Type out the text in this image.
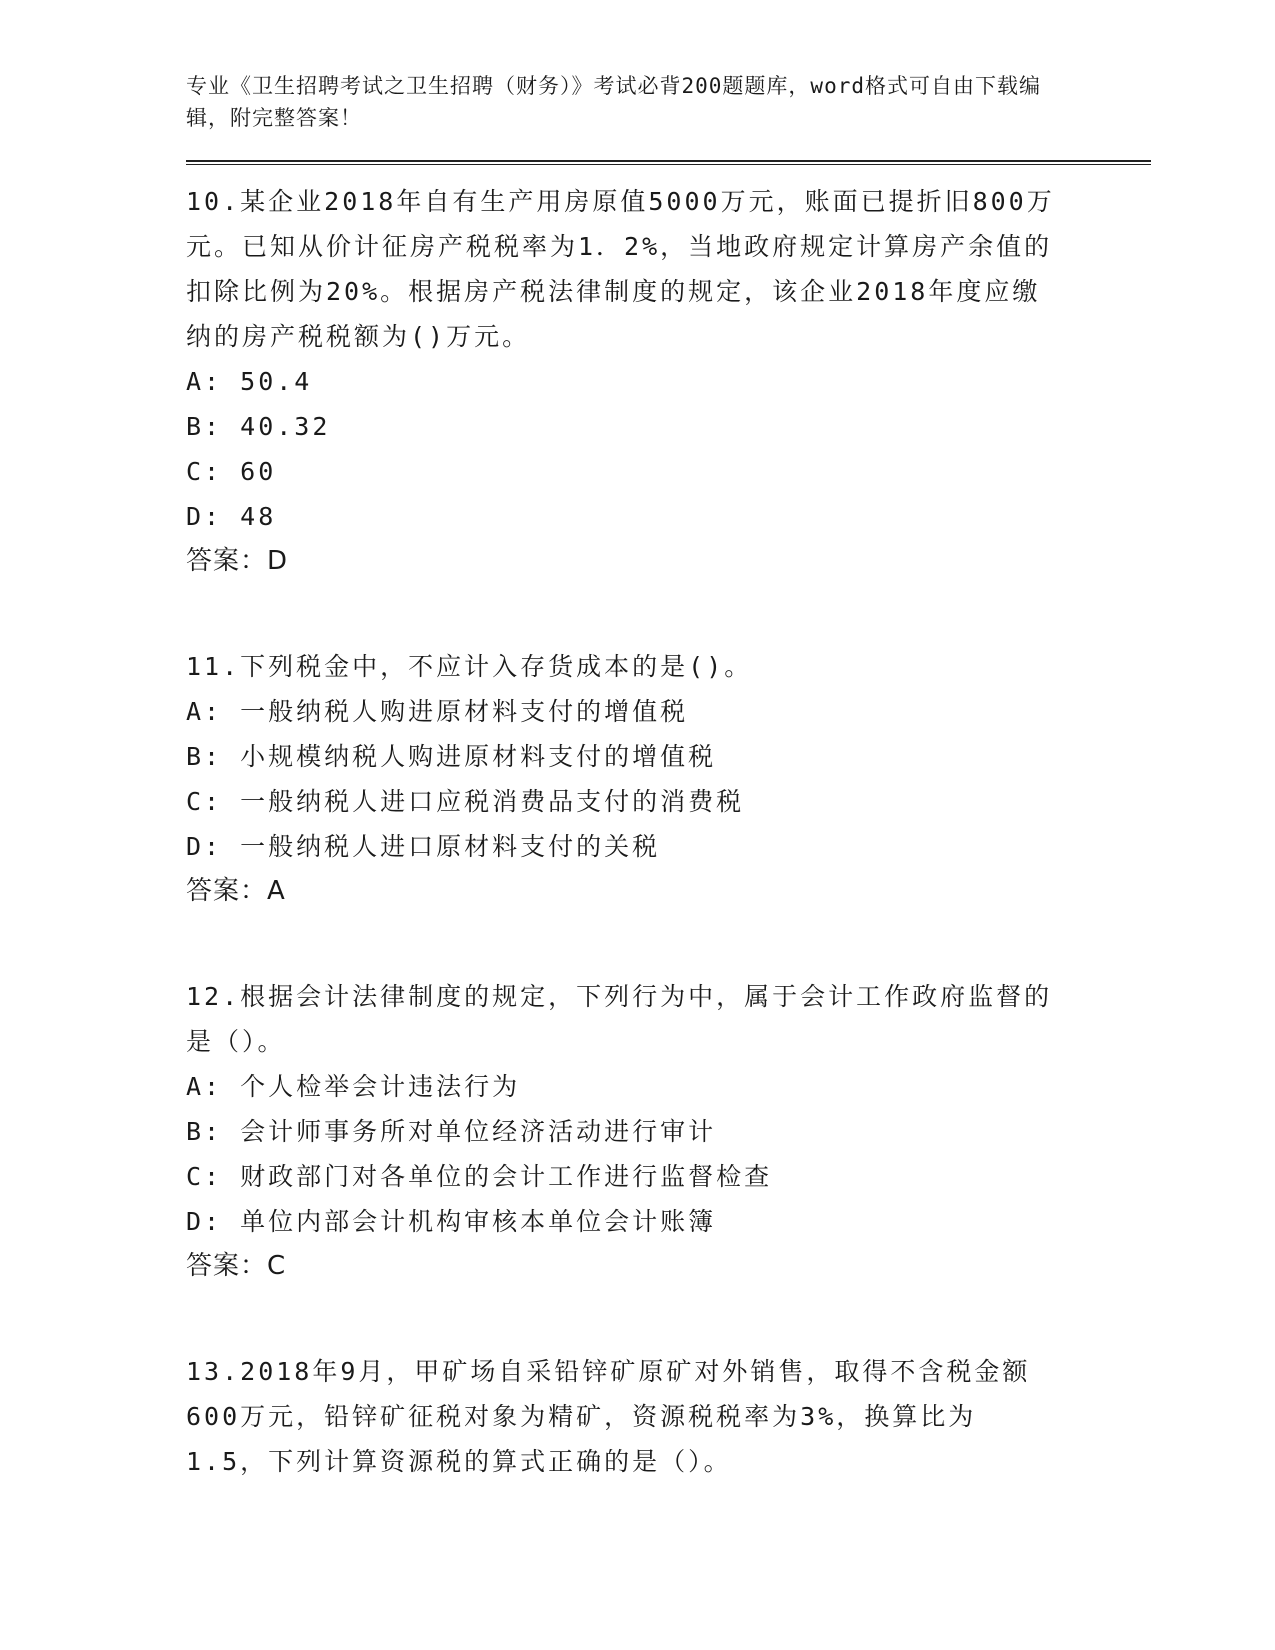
专业《卫生招聘考试之卫生招聘（财务）》考试必背200题题库，word格式可自由下载编辑，附完整答案！

10.某企业2018年自有生产用房原值5000万元，账面已提折旧800万元。已知从价计征房产税税率为1．2%，当地政府规定计算房产余值的扣除比例为20%。根据房产税法律制度的规定，该企业2018年度应缴纳的房产税税额为()万元。

A: 50.4

B: 40.32

C: 60

D: 48

答案：D

11.下列税金中，不应计入存货成本的是()。

A: 一般纳税人购进原材料支付的增值税

B: 小规模纳税人购进原材料支付的增值税

C: 一般纳税人进口应税消费品支付的消费税

D: 一般纳税人进口原材料支付的关税

答案：A

12.根据会计法律制度的规定，下列行为中，属于会计工作政府监督的是（）。

A: 个人检举会计违法行为

B: 会计师事务所对单位经济活动进行审计

C: 财政部门对各单位的会计工作进行监督检查

D: 单位内部会计机构审核本单位会计账簿

答案：C

13.2018年9月，甲矿场自采铅锌矿原矿对外销售，取得不含税金额600万元，铅锌矿征税对象为精矿，资源税税率为3%，换算比为1.5，下列计算资源税的算式正确的是（）。
